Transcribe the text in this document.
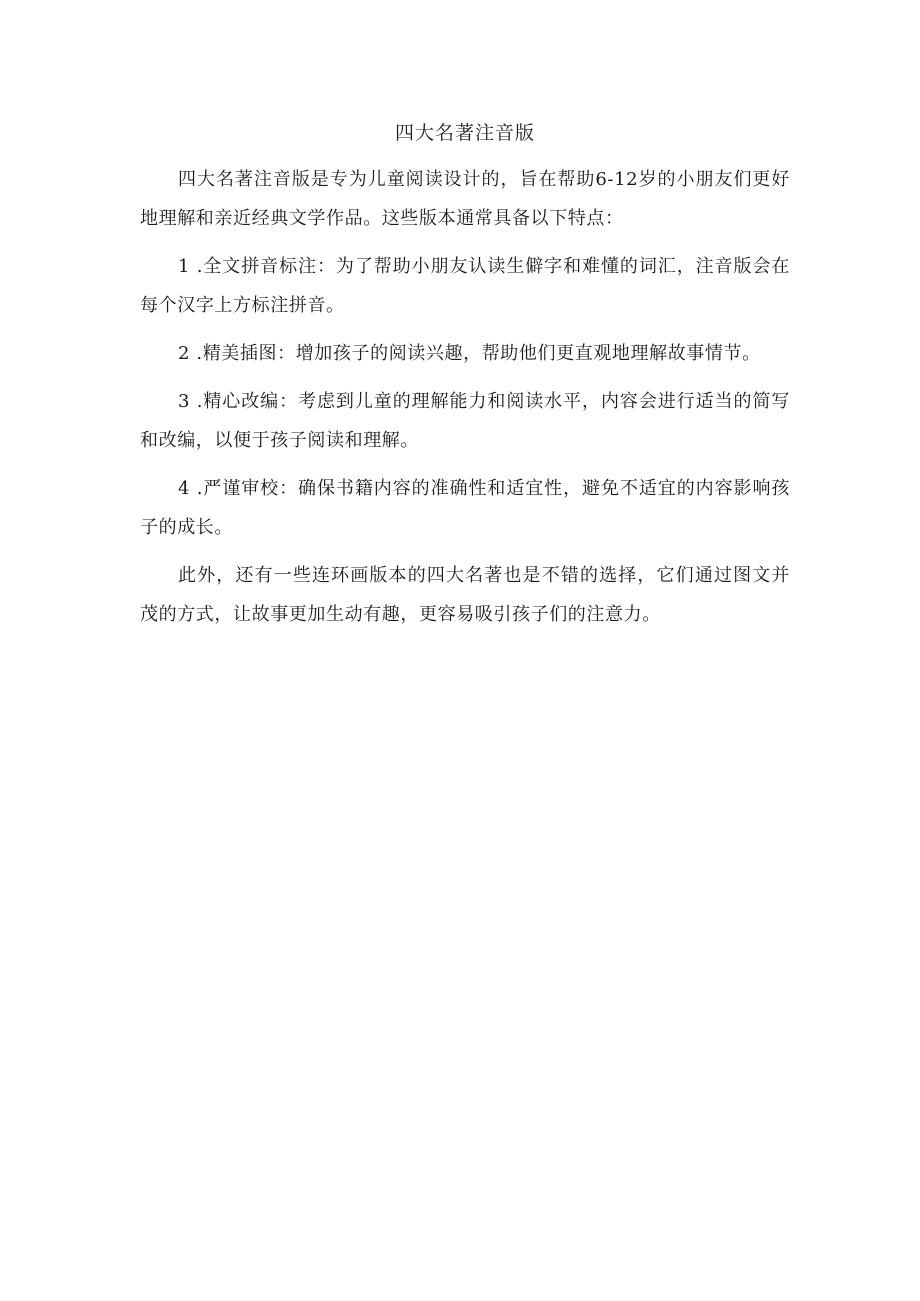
四大名著注音版

四大名著注音版是专为儿童阅读设计的，旨在帮助6-12岁的小朋友们更好地理解和亲近经典文学作品。这些版本通常具备以下特点：

1 .全文拼音标注：为了帮助小朋友认读生僻字和难懂的词汇，注音版会在每个汉字上方标注拼音。

2 .精美插图：增加孩子的阅读兴趣，帮助他们更直观地理解故事情节。

3 .精心改编：考虑到儿童的理解能力和阅读水平，内容会进行适当的简写和改编，以便于孩子阅读和理解。

4 .严谨审校：确保书籍内容的准确性和适宜性，避免不适宜的内容影响孩子的成长。

此外，还有一些连环画版本的四大名著也是不错的选择，它们通过图文并茂的方式，让故事更加生动有趣，更容易吸引孩子们的注意力。
